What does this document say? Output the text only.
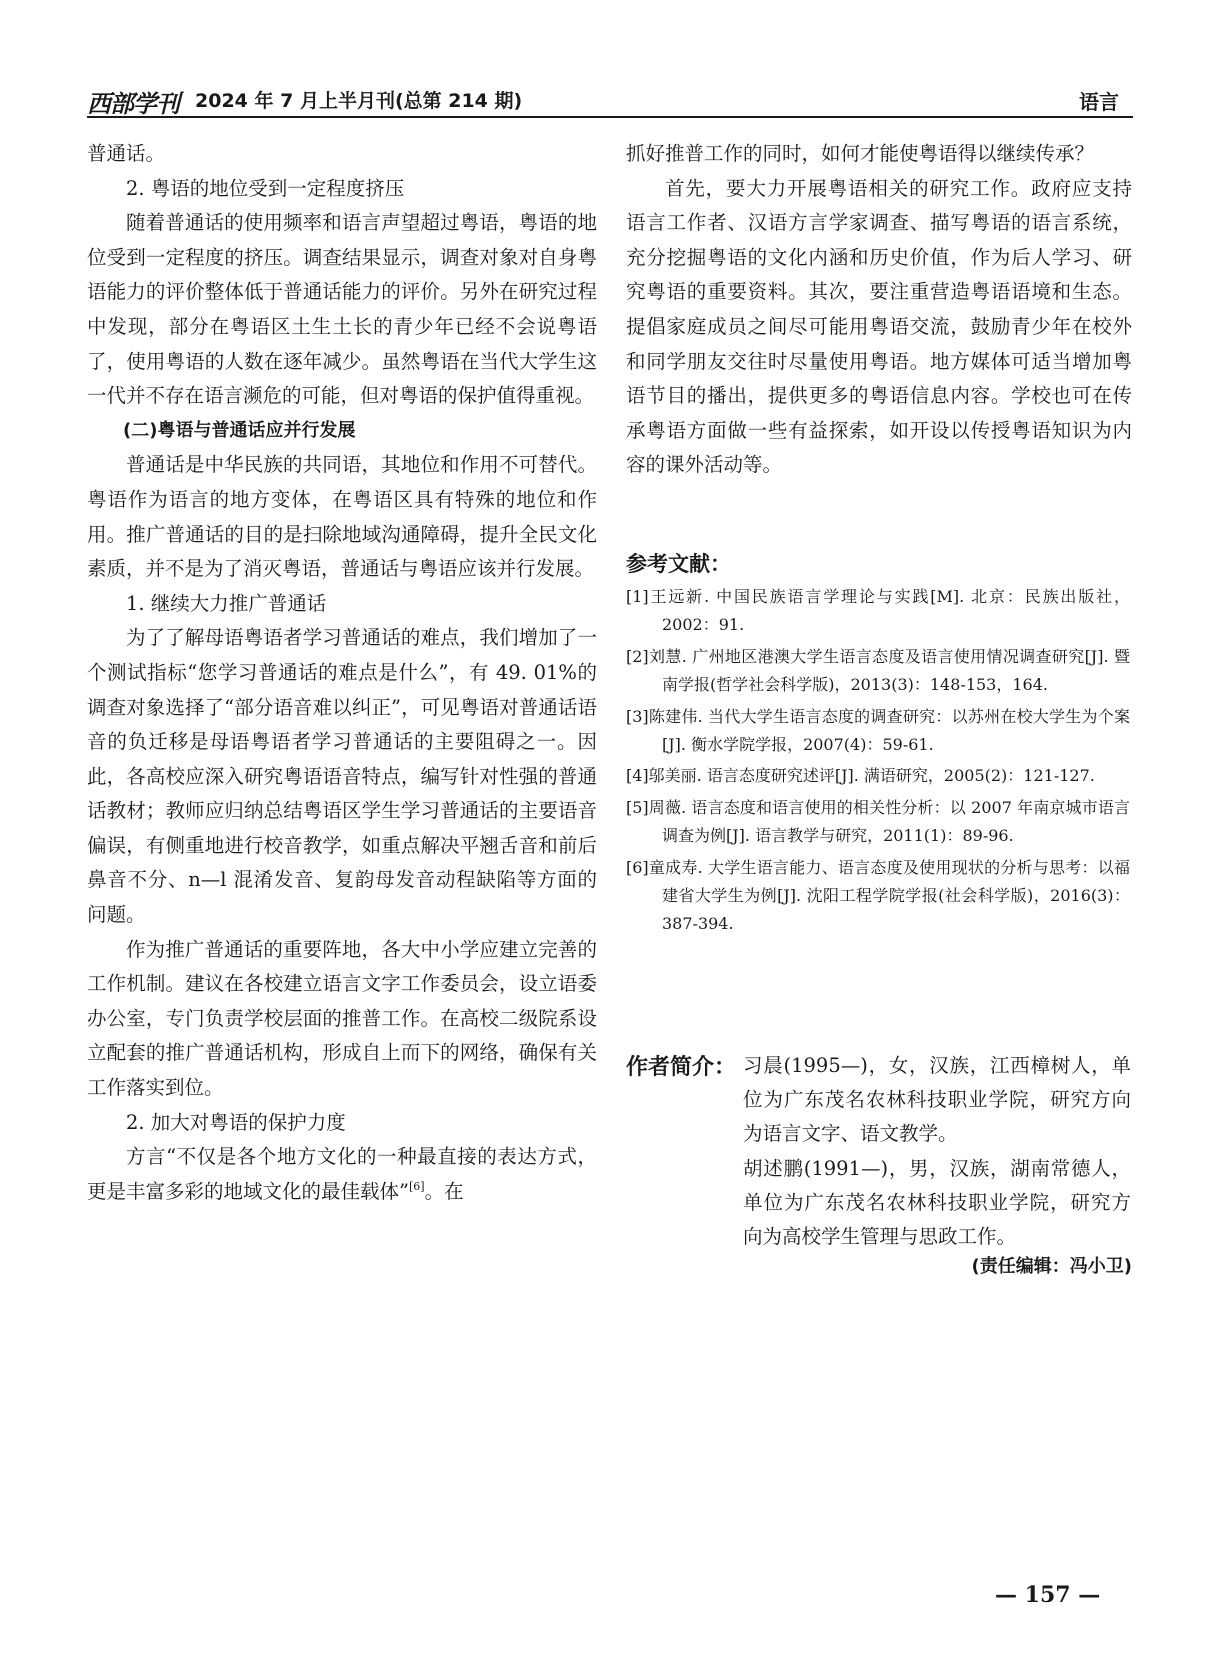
西部学刊 2024 年 7 月上半月刊(总第 214 期)	语言

普通话。

2. 粤语的地位受到一定程度挤压

随着普通话的使用频率和语言声望超过粤语，粤语的地位受到一定程度的挤压。调查结果显示，调查对象对自身粤语能力的评价整体低于普通话能力的评价。另外在研究过程中发现，部分在粤语区土生土长的青少年已经不会说粤语了，使用粤语的人数在逐年减少。虽然粤语在当代大学生这一代并不存在语言濒危的可能，但对粤语的保护值得重视。

(二)粤语与普通话应并行发展

普通话是中华民族的共同语，其地位和作用不可替代。粤语作为语言的地方变体，在粤语区具有特殊的地位和作用。推广普通话的目的是扫除地域沟通障碍，提升全民文化素质，并不是为了消灭粤语，普通话与粤语应该并行发展。

1. 继续大力推广普通话

为了了解母语粤语者学习普通话的难点，我们增加了一个测试指标“您学习普通话的难点是什么”，有 49. 01%的调查对象选择了“部分语音难以纠正”，可见粤语对普通话语音的负迁移是母语粤语者学习普通话的主要阻碍之一。因此，各高校应深入研究粤语语音特点，编写针对性强的普通话教材；教师应归纳总结粤语区学生学习普通话的主要语音偏误，有侧重地进行校音教学，如重点解决平翘舌音和前后鼻音不分、n—l 混淆发音、复韵母发音动程缺陷等方面的问题。

作为推广普通话的重要阵地，各大中小学应建立完善的工作机制。建议在各校建立语言文字工作委员会，设立语委办公室，专门负责学校层面的推普工作。在高校二级院系设立配套的推广普通话机构，形成自上而下的网络，确保有关工作落实到位。

2. 加大对粤语的保护力度

方言“不仅是各个地方文化的一种最直接的表达方式，更是丰富多彩的地域文化的最佳载体”[6]。在

抓好推普工作的同时，如何才能使粤语得以继续传承？

首先，要大力开展粤语相关的研究工作。政府应支持语言工作者、汉语方言学家调查、描写粤语的语言系统，充分挖掘粤语的文化内涵和历史价值，作为后人学习、研究粤语的重要资料。其次，要注重营造粤语语境和生态。提倡家庭成员之间尽可能用粤语交流，鼓励青少年在校外和同学朋友交往时尽量使用粤语。地方媒体可适当增加粤语节目的播出，提供更多的粤语信息内容。学校也可在传承粤语方面做一些有益探索，如开设以传授粤语知识为内容的课外活动等。

参考文献：
[1]王远新. 中国民族语言学理论与实践[M]. 北京：民族出版社，2002：91.
[2]刘慧. 广州地区港澳大学生语言态度及语言使用情况调查研究[J]. 暨南学报(哲学社会科学版)，2013(3)：148-153，164.
[3]陈建伟. 当代大学生语言态度的调查研究：以苏州在校大学生为个案[J]. 衡水学院学报，2007(4)：59-61.
[4]邬美丽. 语言态度研究述评[J]. 满语研究，2005(2)：121-127.
[5]周薇. 语言态度和语言使用的相关性分析：以 2007 年南京城市语言调查为例[J]. 语言教学与研究，2011(1)：89-96.
[6]童成寿. 大学生语言能力、语言态度及使用现状的分析与思考：以福建省大学生为例[J]. 沈阳工程学院学报(社会科学版)，2016(3)：387-394.
作者简介： 习晨(1995—)，女，汉族，江西樟树人，单位为广东茂名农林科技职业学院，研究方向为语言文字、语文教学。

胡述鹏(1991—)，男，汉族，湖南常德人，单位为广东茂名农林科技职业学院，研究方向为高校学生管理与思政工作。

(责任编辑：冯小卫)
— 157 —
